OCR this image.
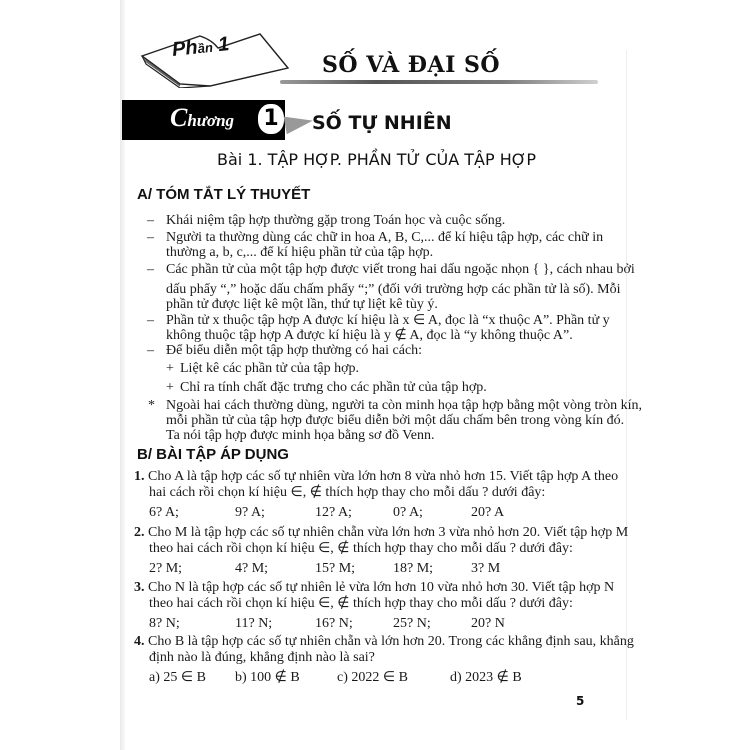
Phần 1
SỐ VÀ ĐẠI SỐ
Chương 1 SỐ TỰ NHIÊN
Bài 1. TẬP HỢP. PHẦN TỬ CỦA TẬP HỢP
A/ TÓM TẮT LÝ THUYẾT
– Khái niệm tập hợp thường gặp trong Toán học và cuộc sống.
– Người ta thường dùng các chữ in hoa A, B, C,... để kí hiệu tập hợp, các chữ in
thường a, b, c,... để kí hiệu phần tử của tập hợp.
– Các phần tử của một tập hợp được viết trong hai dấu ngoặc nhọn { }, cách nhau bởi
dấu phẩy “,” hoặc dấu chấm phẩy “;” (đối với trường hợp các phần tử là số). Mỗi
phần tử được liệt kê một lần, thứ tự liệt kê tùy ý.
– Phần tử x thuộc tập hợp A được kí hiệu là x ∈ A, đọc là “x thuộc A”. Phần tử y
không thuộc tập hợp A được kí hiệu là y ∉ A, đọc là “y không thuộc A”.
– Để biểu diễn một tập hợp thường có hai cách:
+ Liệt kê các phần tử của tập hợp.
+ Chỉ ra tính chất đặc trưng cho các phần tử của tập hợp.
* Ngoài hai cách thường dùng, người ta còn minh họa tập hợp bằng một vòng tròn kín,
mỗi phần tử của tập hợp được biểu diễn bởi một dấu chấm bên trong vòng kín đó.
Ta nói tập hợp được minh họa bằng sơ đồ Venn.
B/ BÀI TẬP ÁP DỤNG
1. Cho A là tập hợp các số tự nhiên vừa lớn hơn 8 vừa nhỏ hơn 15. Viết tập hợp A theo
hai cách rồi chọn kí hiệu ∈, ∉ thích hợp thay cho mỗi dấu ? dưới đây:
6? A;	9? A;	12? A;	0? A;	20? A
2. Cho M là tập hợp các số tự nhiên chẵn vừa lớn hơn 3 vừa nhỏ hơn 20. Viết tập hợp M
theo hai cách rồi chọn kí hiệu ∈, ∉ thích hợp thay cho mỗi dấu ? dưới đây:
2? M;	4? M;	15? M;	18? M;	3? M
3. Cho N là tập hợp các số tự nhiên lẻ vừa lớn hơn 10 vừa nhỏ hơn 30. Viết tập hợp N
theo hai cách rồi chọn kí hiệu ∈, ∉ thích hợp thay cho mỗi dấu ? dưới đây:
8? N;	11? N;	16? N;	25? N;	20? N
4. Cho B là tập hợp các số tự nhiên chẵn và lớn hơn 20. Trong các khẳng định sau, khẳng
định nào là đúng, khẳng định nào là sai?
a) 25 ∈ B b) 100 ∉ B	c) 2022 ∈ B	d) 2023 ∉ B
5
